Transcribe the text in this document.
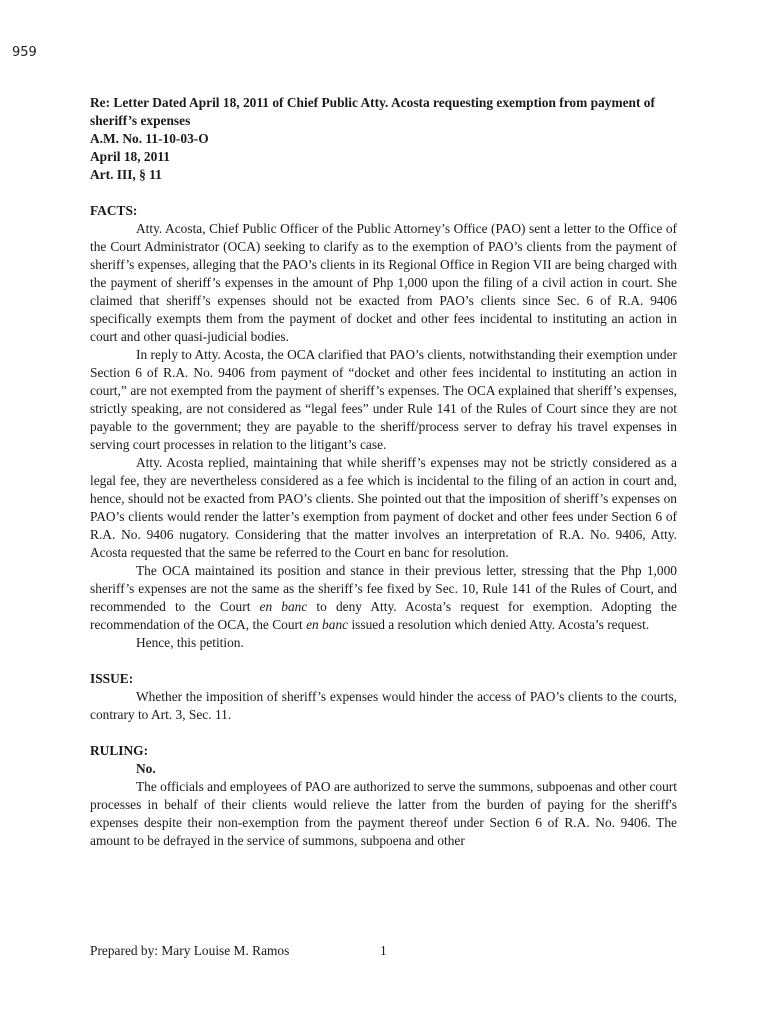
959

Re: Letter Dated April 18, 2011 of Chief Public Atty. Acosta requesting exemption from payment of sheriff’s expenses

A.M. No. 11-10-03-O

April 18, 2011

Art. III, § 11

FACTS:

Atty. Acosta, Chief Public Officer of the Public Attorney’s Office (PAO) sent a letter to the Office of the Court Administrator (OCA) seeking to clarify as to the exemption of PAO’s clients from the payment of sheriff’s expenses, alleging that the PAO’s clients in its Regional Office in Region VII are being charged with the payment of sheriff’s expenses in the amount of Php 1,000 upon the filing of a civil action in court. She claimed that sheriff’s expenses should not be exacted from PAO’s clients since Sec. 6 of R.A. 9406 specifically exempts them from the payment of docket and other fees incidental to instituting an action in court and other quasi-judicial bodies.

In reply to Atty. Acosta, the OCA clarified that PAO’s clients, notwithstanding their exemption under Section 6 of R.A. No. 9406 from payment of “docket and other fees incidental to instituting an action in court,” are not exempted from the payment of sheriff’s expenses. The OCA explained that sheriff’s expenses, strictly speaking, are not considered as “legal fees” under Rule 141 of the Rules of Court since they are not payable to the government; they are payable to the sheriff/process server to defray his travel expenses in serving court processes in relation to the litigant’s case.

Atty. Acosta replied, maintaining that while sheriff’s expenses may not be strictly considered as a legal fee, they are nevertheless considered as a fee which is incidental to the filing of an action in court and, hence, should not be exacted from PAO’s clients. She pointed out that the imposition of sheriff’s expenses on PAO’s clients would render the latter’s exemption from payment of docket and other fees under Section 6 of R.A. No. 9406 nugatory. Considering that the matter involves an interpretation of R.A. No. 9406, Atty. Acosta requested that the same be referred to the Court en banc for resolution.

The OCA maintained its position and stance in their previous letter, stressing that the Php 1,000 sheriff’s expenses are not the same as the sheriff’s fee fixed by Sec. 10, Rule 141 of the Rules of Court, and recommended to the Court en banc to deny Atty. Acosta’s request for exemption. Adopting the recommendation of the OCA, the Court en banc issued a resolution which denied Atty. Acosta’s request.

Hence, this petition.

ISSUE:

Whether the imposition of sheriff’s expenses would hinder the access of PAO’s clients to the courts, contrary to Art. 3, Sec. 11.

RULING:

No.

The officials and employees of PAO are authorized to serve the summons, subpoenas and other court processes in behalf of their clients would relieve the latter from the burden of paying for the sheriff's expenses despite their non-exemption from the payment thereof under Section 6 of R.A. No. 9406. The amount to be defrayed in the service of summons, subpoena and other

Prepared by: Mary Louise M. Ramos	1
